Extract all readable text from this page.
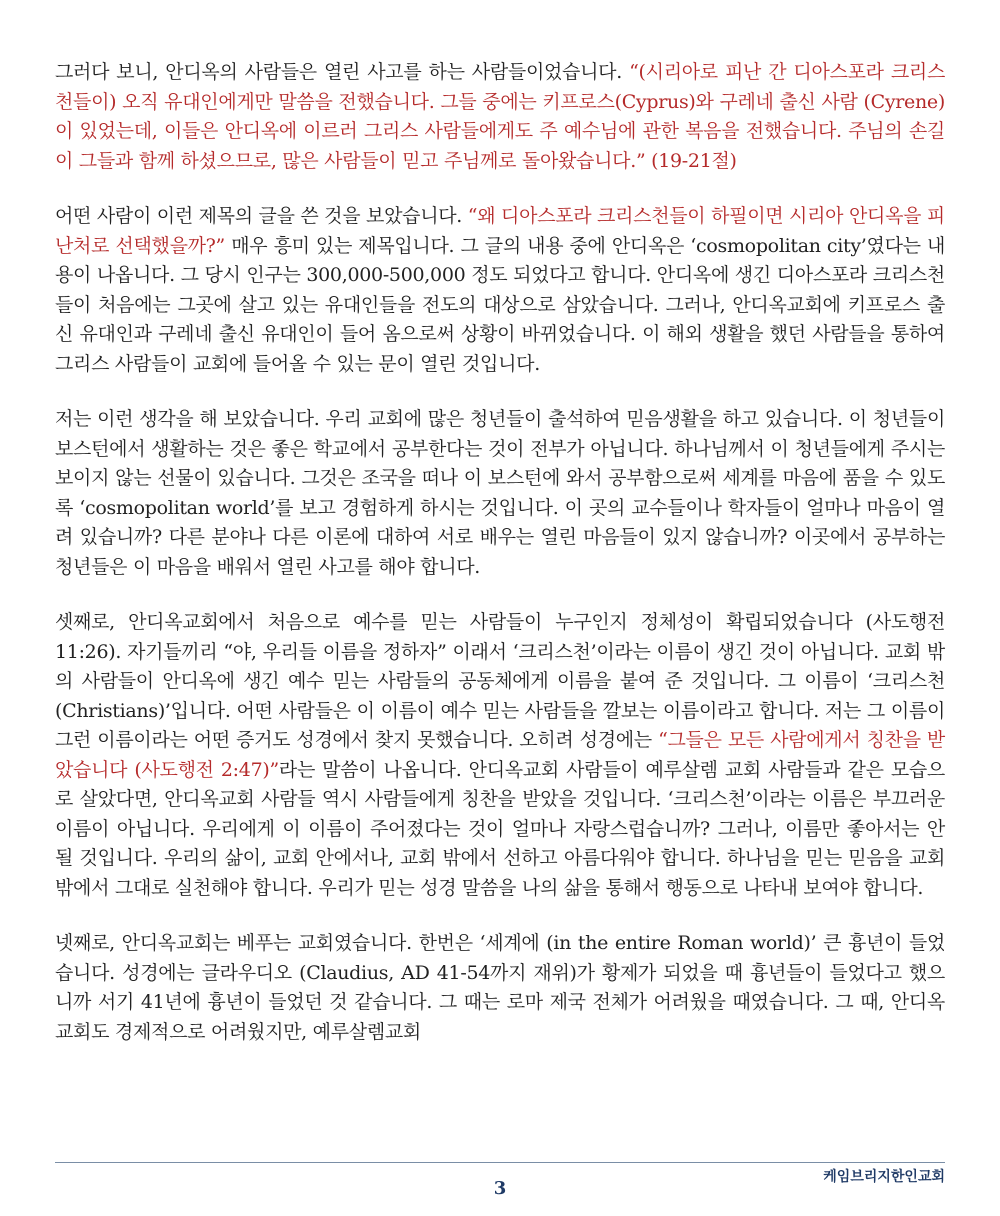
그러다 보니, 안디옥의 사람들은 열린 사고를 하는 사람들이었습니다. “(시리아로 피난 간 디아스포라 크리스천들이) 오직 유대인에게만 말씀을 전했습니다. 그들 중에는 키프로스(Cyprus)와 구레네 출신 사람 (Cyrene)이 있었는데, 이들은 안디옥에 이르러 그리스 사람들에게도 주 예수님에 관한 복음을 전했습니다. 주님의 손길이 그들과 함께 하셨으므로, 많은 사람들이 믿고 주님께로 돌아왔습니다.” (19-21절)

어떤 사람이 이런 제목의 글을 쓴 것을 보았습니다. “왜 디아스포라 크리스천들이 하필이면 시리아 안디옥을 피난처로 선택했을까?” 매우 흥미 있는 제목입니다. 그 글의 내용 중에 안디옥은 ‘cosmopolitan city’였다는 내용이 나옵니다. 그 당시 인구는 300,000-500,000 정도 되었다고 합니다. 안디옥에 생긴 디아스포라 크리스천들이 처음에는 그곳에 살고 있는 유대인들을 전도의 대상으로 삼았습니다. 그러나, 안디옥교회에 키프로스 출신 유대인과 구레네 출신 유대인이 들어 옴으로써 상황이 바뀌었습니다. 이 해외 생활을 했던 사람들을 통하여 그리스 사람들이 교회에 들어올 수 있는 문이 열린 것입니다.

저는 이런 생각을 해 보았습니다. 우리 교회에 많은 청년들이 출석하여 믿음생활을 하고 있습니다. 이 청년들이 보스턴에서 생활하는 것은 좋은 학교에서 공부한다는 것이 전부가 아닙니다. 하나님께서 이 청년들에게 주시는 보이지 않는 선물이 있습니다. 그것은 조국을 떠나 이 보스턴에 와서 공부함으로써 세계를 마음에 품을 수 있도록 ‘cosmopolitan world’를 보고 경험하게 하시는 것입니다. 이 곳의 교수들이나 학자들이 얼마나 마음이 열려 있습니까? 다른 분야나 다른 이론에 대하여 서로 배우는 열린 마음들이 있지 않습니까? 이곳에서 공부하는 청년들은 이 마음을 배워서 열린 사고를 해야 합니다.

셋째로, 안디옥교회에서 처음으로 예수를 믿는 사람들이 누구인지 정체성이 확립되었습니다 (사도행전 11:26). 자기들끼리 “야, 우리들 이름을 정하자” 이래서 ‘크리스천’이라는 이름이 생긴 것이 아닙니다. 교회 밖의 사람들이 안디옥에 생긴 예수 믿는 사람들의 공동체에게 이름을 붙여 준 것입니다. 그 이름이 ‘크리스천 (Christians)’입니다. 어떤 사람들은 이 이름이 예수 믿는 사람들을 깔보는 이름이라고 합니다. 저는 그 이름이 그런 이름이라는 어떤 증거도 성경에서 찾지 못했습니다. 오히려 성경에는 “그들은 모든 사람에게서 칭찬을 받았습니다 (사도행전 2:47)”라는 말씀이 나옵니다. 안디옥교회 사람들이 예루살렘 교회 사람들과 같은 모습으로 살았다면, 안디옥교회 사람들 역시 사람들에게 칭찬을 받았을 것입니다. ‘크리스천’이라는 이름은 부끄러운 이름이 아닙니다. 우리에게 이 이름이 주어졌다는 것이 얼마나 자랑스럽습니까? 그러나, 이름만 좋아서는 안 될 것입니다. 우리의 삶이, 교회 안에서나, 교회 밖에서 선하고 아름다워야 합니다. 하나님을 믿는 믿음을 교회 밖에서 그대로 실천해야 합니다. 우리가 믿는 성경 말씀을 나의 삶을 통해서 행동으로 나타내 보여야 합니다.

넷째로, 안디옥교회는 베푸는 교회였습니다. 한번은 ‘세계에 (in the entire Roman world)’ 큰 흉년이 들었습니다. 성경에는 글라우디오 (Claudius, AD 41-54까지 재위)가 황제가 되었을 때 흉년들이 들었다고 했으니까 서기 41년에 흉년이 들었던 것 같습니다. 그 때는 로마 제국 전체가 어려웠을 때였습니다. 그 때, 안디옥교회도 경제적으로 어려웠지만, 예루살렘교회

케임브리지한인교회
3
